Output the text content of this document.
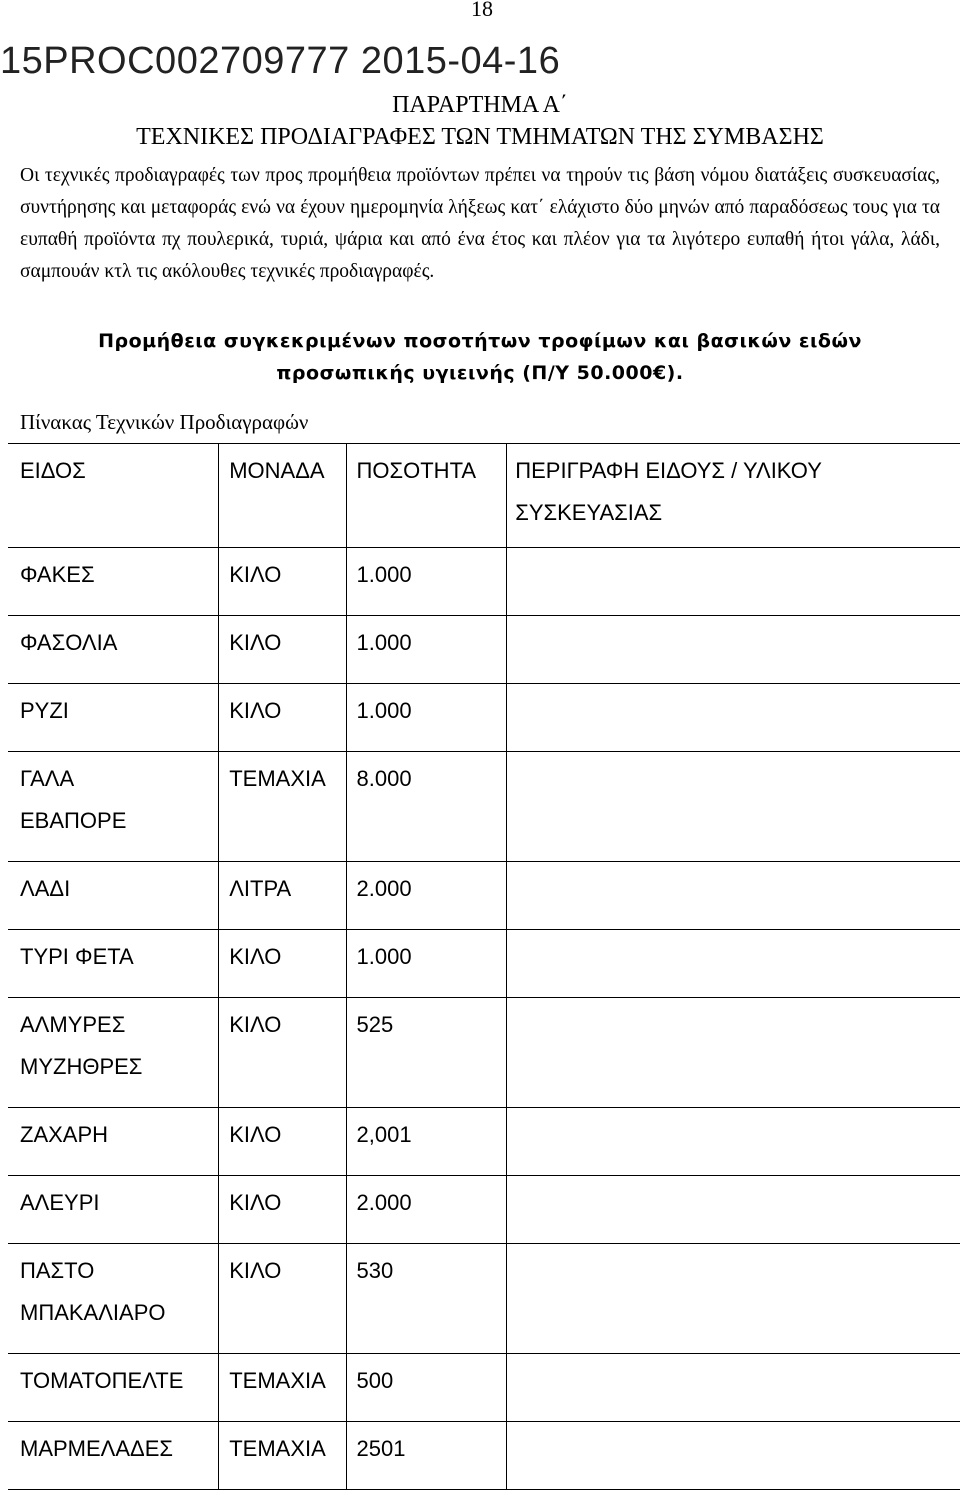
18
15PROC002709777 2015-04-16
ΠΑΡΑΡΤΗΜΑ Α΄
ΤΕΧΝΙΚΕΣ ΠΡΟΔΙΑΓΡΑΦΕΣ ΤΩΝ ΤΜΗΜΑΤΩΝ ΤΗΣ ΣΥΜΒΑΣΗΣ
Οι τεχνικές προδιαγραφές των προς προμήθεια προϊόντων πρέπει να τηρούν τις βάση νόμου διατάξεις συσκευασίας, συντήρησης και μεταφοράς ενώ να έχουν ημερομηνία λήξεως κατ΄ ελάχιστο δύο μηνών από παραδόσεως τους για τα ευπαθή προϊόντα πχ πουλερικά, τυριά, ψάρια και από ένα έτος και πλέον για τα λιγότερο ευπαθή ήτοι γάλα, λάδι, σαμπουάν κτλ τις ακόλουθες τεχνικές προδιαγραφές.
Προμήθεια συγκεκριμένων ποσοτήτων τροφίμων και βασικών ειδών
προσωπικής υγιεινής (Π/Υ 50.000€).
Πίνακας Τεχνικών Προδιαγραφών
ΕΙΔΟΣ	ΜΟΝΑΔΑ	ΠΟΣΟΤΗΤΑ	ΠΕΡΙΓΡΑΦΗ ΕΙΔΟΥΣ / ΥΛΙΚΟΥ
ΣΥΣΚΕΥΑΣΙΑΣ

ΦΑΚΕΣ	ΚΙΛΟ	1.000	

ΦΑΣΟΛΙΑ	ΚΙΛΟ	1.000	

ΡΥΖΙ	ΚΙΛΟ	1.000	

ΓΑΛΑ
ΕΒΑΠΟΡΕ	ΤΕΜΑΧΙΑ	8.000	

ΛΑΔΙ	ΛΙΤΡΑ	2.000	

ΤΥΡΙ ΦΕΤΑ	ΚΙΛΟ	1.000	

ΑΛΜΥΡΕΣ
ΜΥΖΗΘΡΕΣ	ΚΙΛΟ	525	

ΖΑΧΑΡΗ	ΚΙΛΟ	2,001	

ΑΛΕΥΡΙ	ΚΙΛΟ	2.000	

ΠΑΣΤΟ
ΜΠΑΚΑΛΙΑΡΟ	ΚΙΛΟ	530	

ΤΟΜΑΤΟΠΕΛΤΕ	ΤΕΜΑΧΙΑ	500	

ΜΑΡΜΕΛΑΔΕΣ	ΤΕΜΑΧΙΑ	2501	
